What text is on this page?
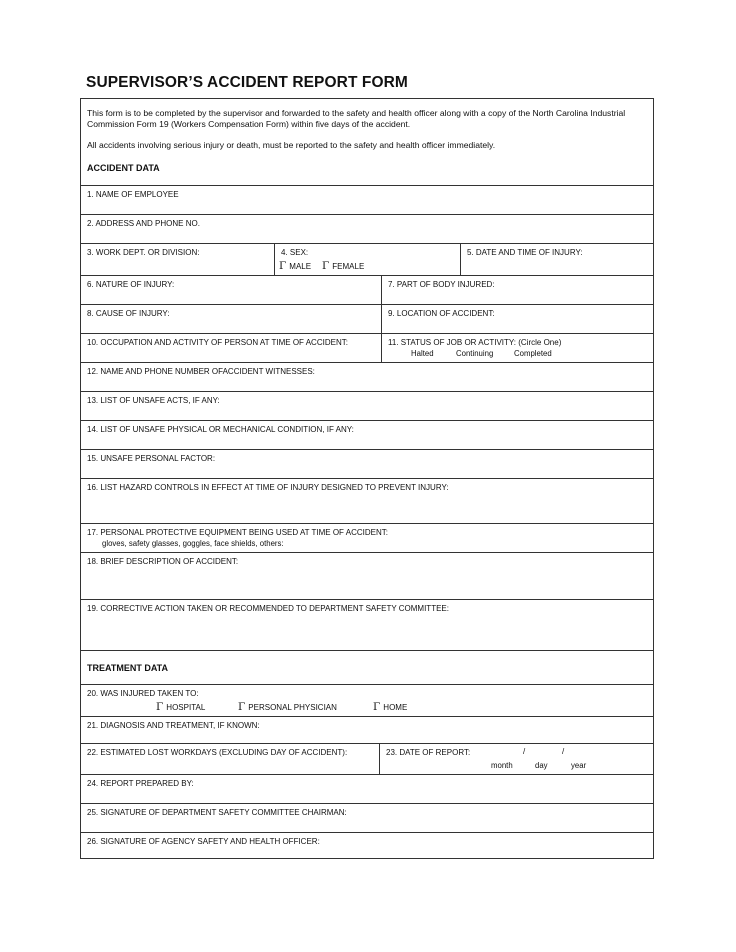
SUPERVISOR’S ACCIDENT REPORT FORM

This form is to be completed by the supervisor and forwarded to the safety and health officer along with a copy of the North Carolina Industrial Commission Form 19 (Workers Compensation Form) within five days of the accident.

All accidents involving serious injury or death, must be reported to the safety and health officer immediately.

ACCIDENT DATA
1. NAME OF EMPLOYEE
2. ADDRESS AND PHONE NO.
3. WORK DEPT. OR DIVISION:	4. SEX:
Γ MALE Γ FEMALE
5. DATE AND TIME OF INJURY:
6. NATURE OF INJURY:	7. PART OF BODY INJURED:
8. CAUSE OF INJURY:	9. LOCATION OF ACCIDENT:
10. OCCUPATION AND ACTIVITY OF PERSON AT TIME OF ACCIDENT:	11. STATUS OF JOB OR ACTIVITY: (Circle One)
Halted	Continuing	Completed
12. NAME AND PHONE NUMBER OFACCIDENT WITNESSES:
13. LIST OF UNSAFE ACTS, IF ANY:
14. LIST OF UNSAFE PHYSICAL OR MECHANICAL CONDITION, IF ANY:
15. UNSAFE PERSONAL FACTOR:
16. LIST HAZARD CONTROLS IN EFFECT AT TIME OF INJURY DESIGNED TO PREVENT INJURY:
17. PERSONAL PROTECTIVE EQUIPMENT BEING USED AT TIME OF ACCIDENT:
gloves, safety glasses, goggles, face shields, others:
18. BRIEF DESCRIPTION OF ACCIDENT:
19. CORRECTIVE ACTION TAKEN OR RECOMMENDED TO DEPARTMENT SAFETY COMMITTEE:
TREATMENT DATA
20. WAS INJURED TAKEN TO:
Γ HOSPITAL	Γ PERSONAL PHYSICIAN	Γ HOME
21. DIAGNOSIS AND TREATMENT, IF KNOWN:
22. ESTIMATED LOST WORKDAYS (EXCLUDING DAY OF ACCIDENT):	23. DATE OF REPORT:	/	/
month	day	year
24. REPORT PREPARED BY:
25. SIGNATURE OF DEPARTMENT SAFETY COMMITTEE CHAIRMAN:
26. SIGNATURE OF AGENCY SAFETY AND HEALTH OFFICER:
